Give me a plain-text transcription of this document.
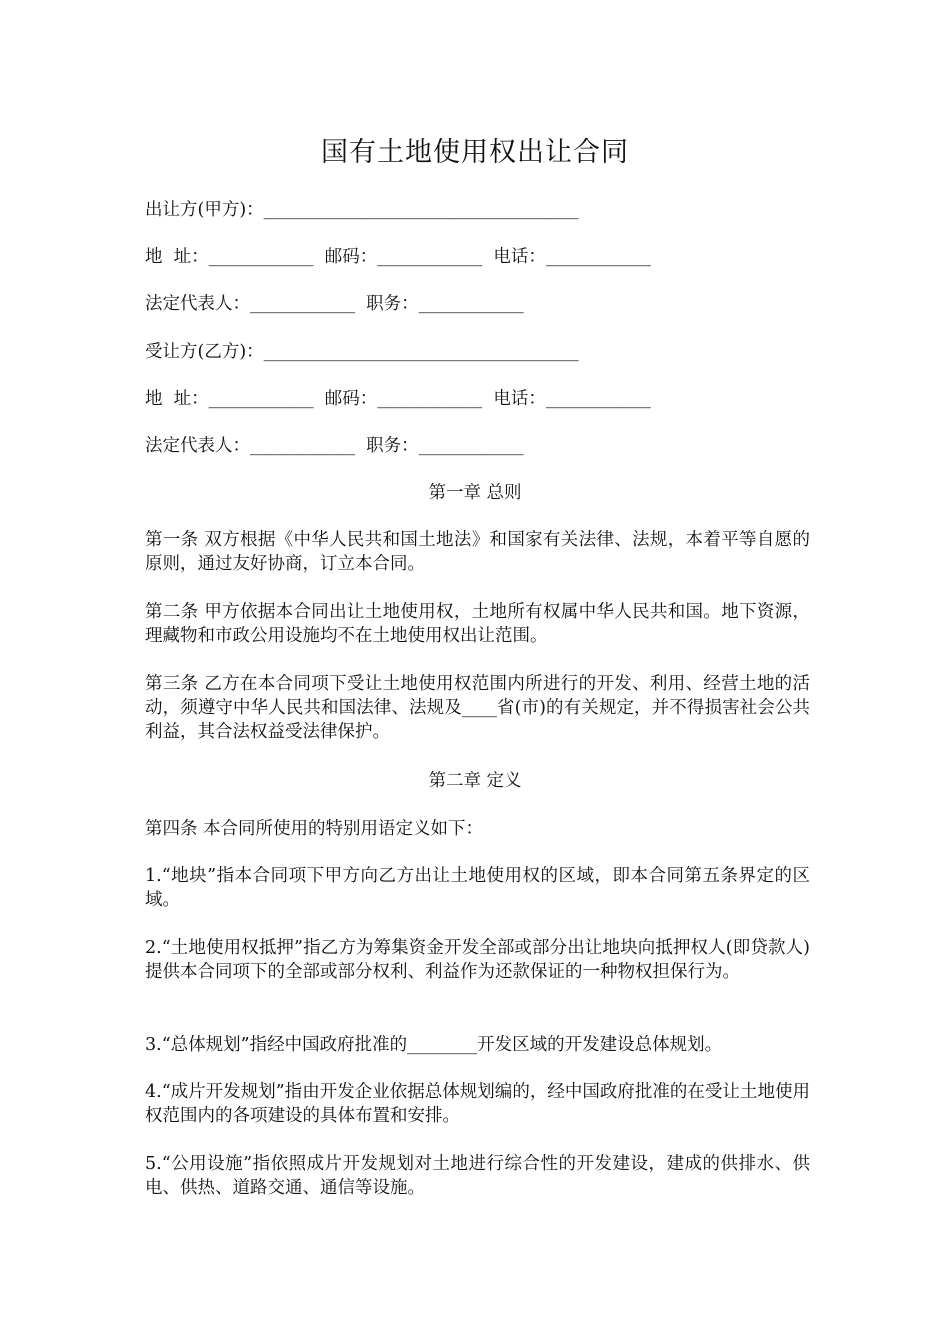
国有土地使用权出让合同
出让方(甲方)：____________________________________
地  址：____________ 邮码：____________ 电话：____________
法定代表人：____________ 职务：____________
受让方(乙方)：____________________________________
地  址：____________ 邮码：____________ 电话：____________
法定代表人：____________ 职务：____________
第一章 总则
第一条 双方根据《中华人民共和国土地法》和国家有关法律、法规，本着平等自愿的原则，通过友好协商，订立本合同。
第二条 甲方依据本合同出让土地使用权，土地所有权属中华人民共和国。地下资源，理藏物和市政公用设施均不在土地使用权出让范围。
第三条 乙方在本合同项下受让土地使用权范围内所进行的开发、利用、经营土地的活动，须遵守中华人民共和国法律、法规及____省(市)的有关规定，并不得损害社会公共利益，其合法权益受法律保护。
第二章 定义
第四条 本合同所使用的特别用语定义如下：
1.“地块”指本合同项下甲方向乙方出让土地使用权的区域，即本合同第五条界定的区域。
2.“土地使用权抵押”指乙方为筹集资金开发全部或部分出让地块向抵押权人(即贷款人)提供本合同项下的全部或部分权利、利益作为还款保证的一种物权担保行为。
3.“总体规划”指经中国政府批准的________开发区域的开发建设总体规划。
4.“成片开发规划”指由开发企业依据总体规划编的，经中国政府批准的在受让土地使用权范围内的各项建设的具体布置和安排。
5.“公用设施”指依照成片开发规划对土地进行综合性的开发建设，建成的供排水、供电、供热、道路交通、通信等设施。
